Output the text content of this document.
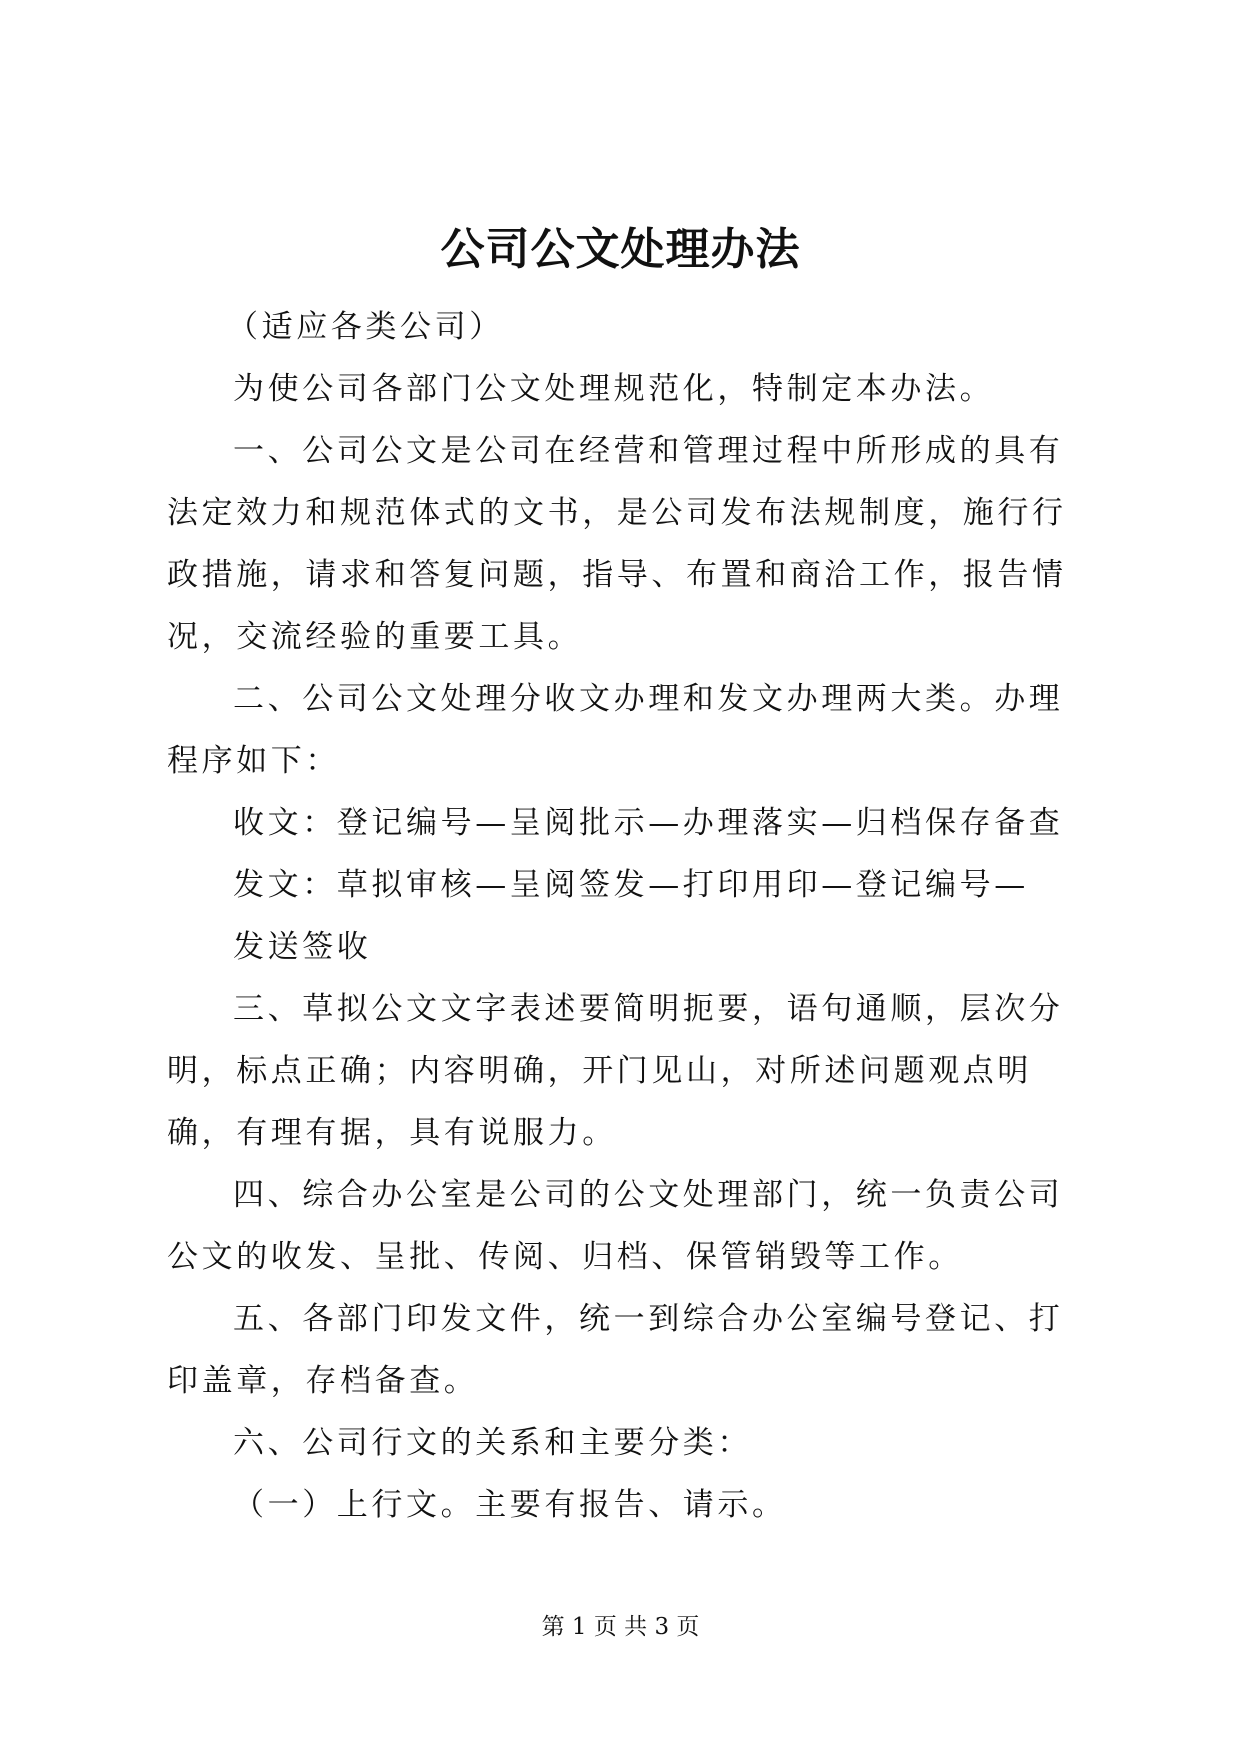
公司公文处理办法

（适应各类公司）

为使公司各部门公文处理规范化，特制定本办法。

一、公司公文是公司在经营和管理过程中所形成的具有法定效力和规范体式的文书，是公司发布法规制度，施行行政措施，请求和答复问题，指导、布置和商洽工作，报告情况，交流经验的重要工具。

二、公司公文处理分收文办理和发文办理两大类。办理程序如下：

收文：登记编号—呈阅批示—办理落实—归档保存备查

发文：草拟审核—呈阅签发—打印用印—登记编号—

发送签收

三、草拟公文文字表述要简明扼要，语句通顺，层次分明，标点正确；内容明确，开门见山，对所述问题观点明确，有理有据，具有说服力。

四、综合办公室是公司的公文处理部门，统一负责公司公文的收发、呈批、传阅、归档、保管销毁等工作。

五、各部门印发文件，统一到综合办公室编号登记、打印盖章，存档备查。

六、公司行文的关系和主要分类：

（一）上行文。主要有报告、请示。

第 1 页 共 3 页
